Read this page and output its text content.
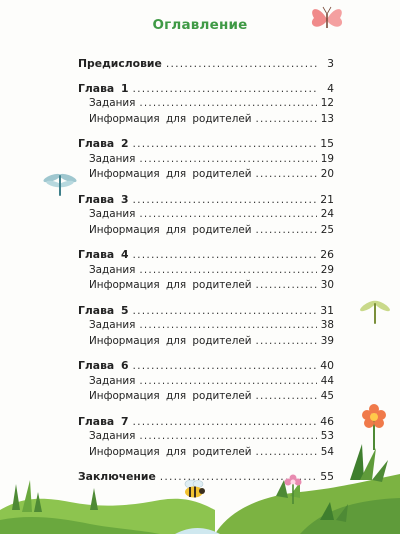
Оглавление
Предисловие .....	3
Глава 1 .....	4
Задания .....	12
Информация для родителей .....	13
Глава 2 .....	15
Задания .....	19
Информация для родителей .....	20
Глава 3 .....	21
Задания .....	24
Информация для родителей .....	25
Глава 4 .....	26
Задания .....	29
Информация для родителей .....	30
Глава 5 .....	31
Задания .....	38
Информация для родителей .....	39
Глава 6 .....	40
Задания .....	44
Информация для родителей .....	45
Глава 7 .....	46
Задания .....	53
Информация для родителей .....	54
Заключение .....	55
